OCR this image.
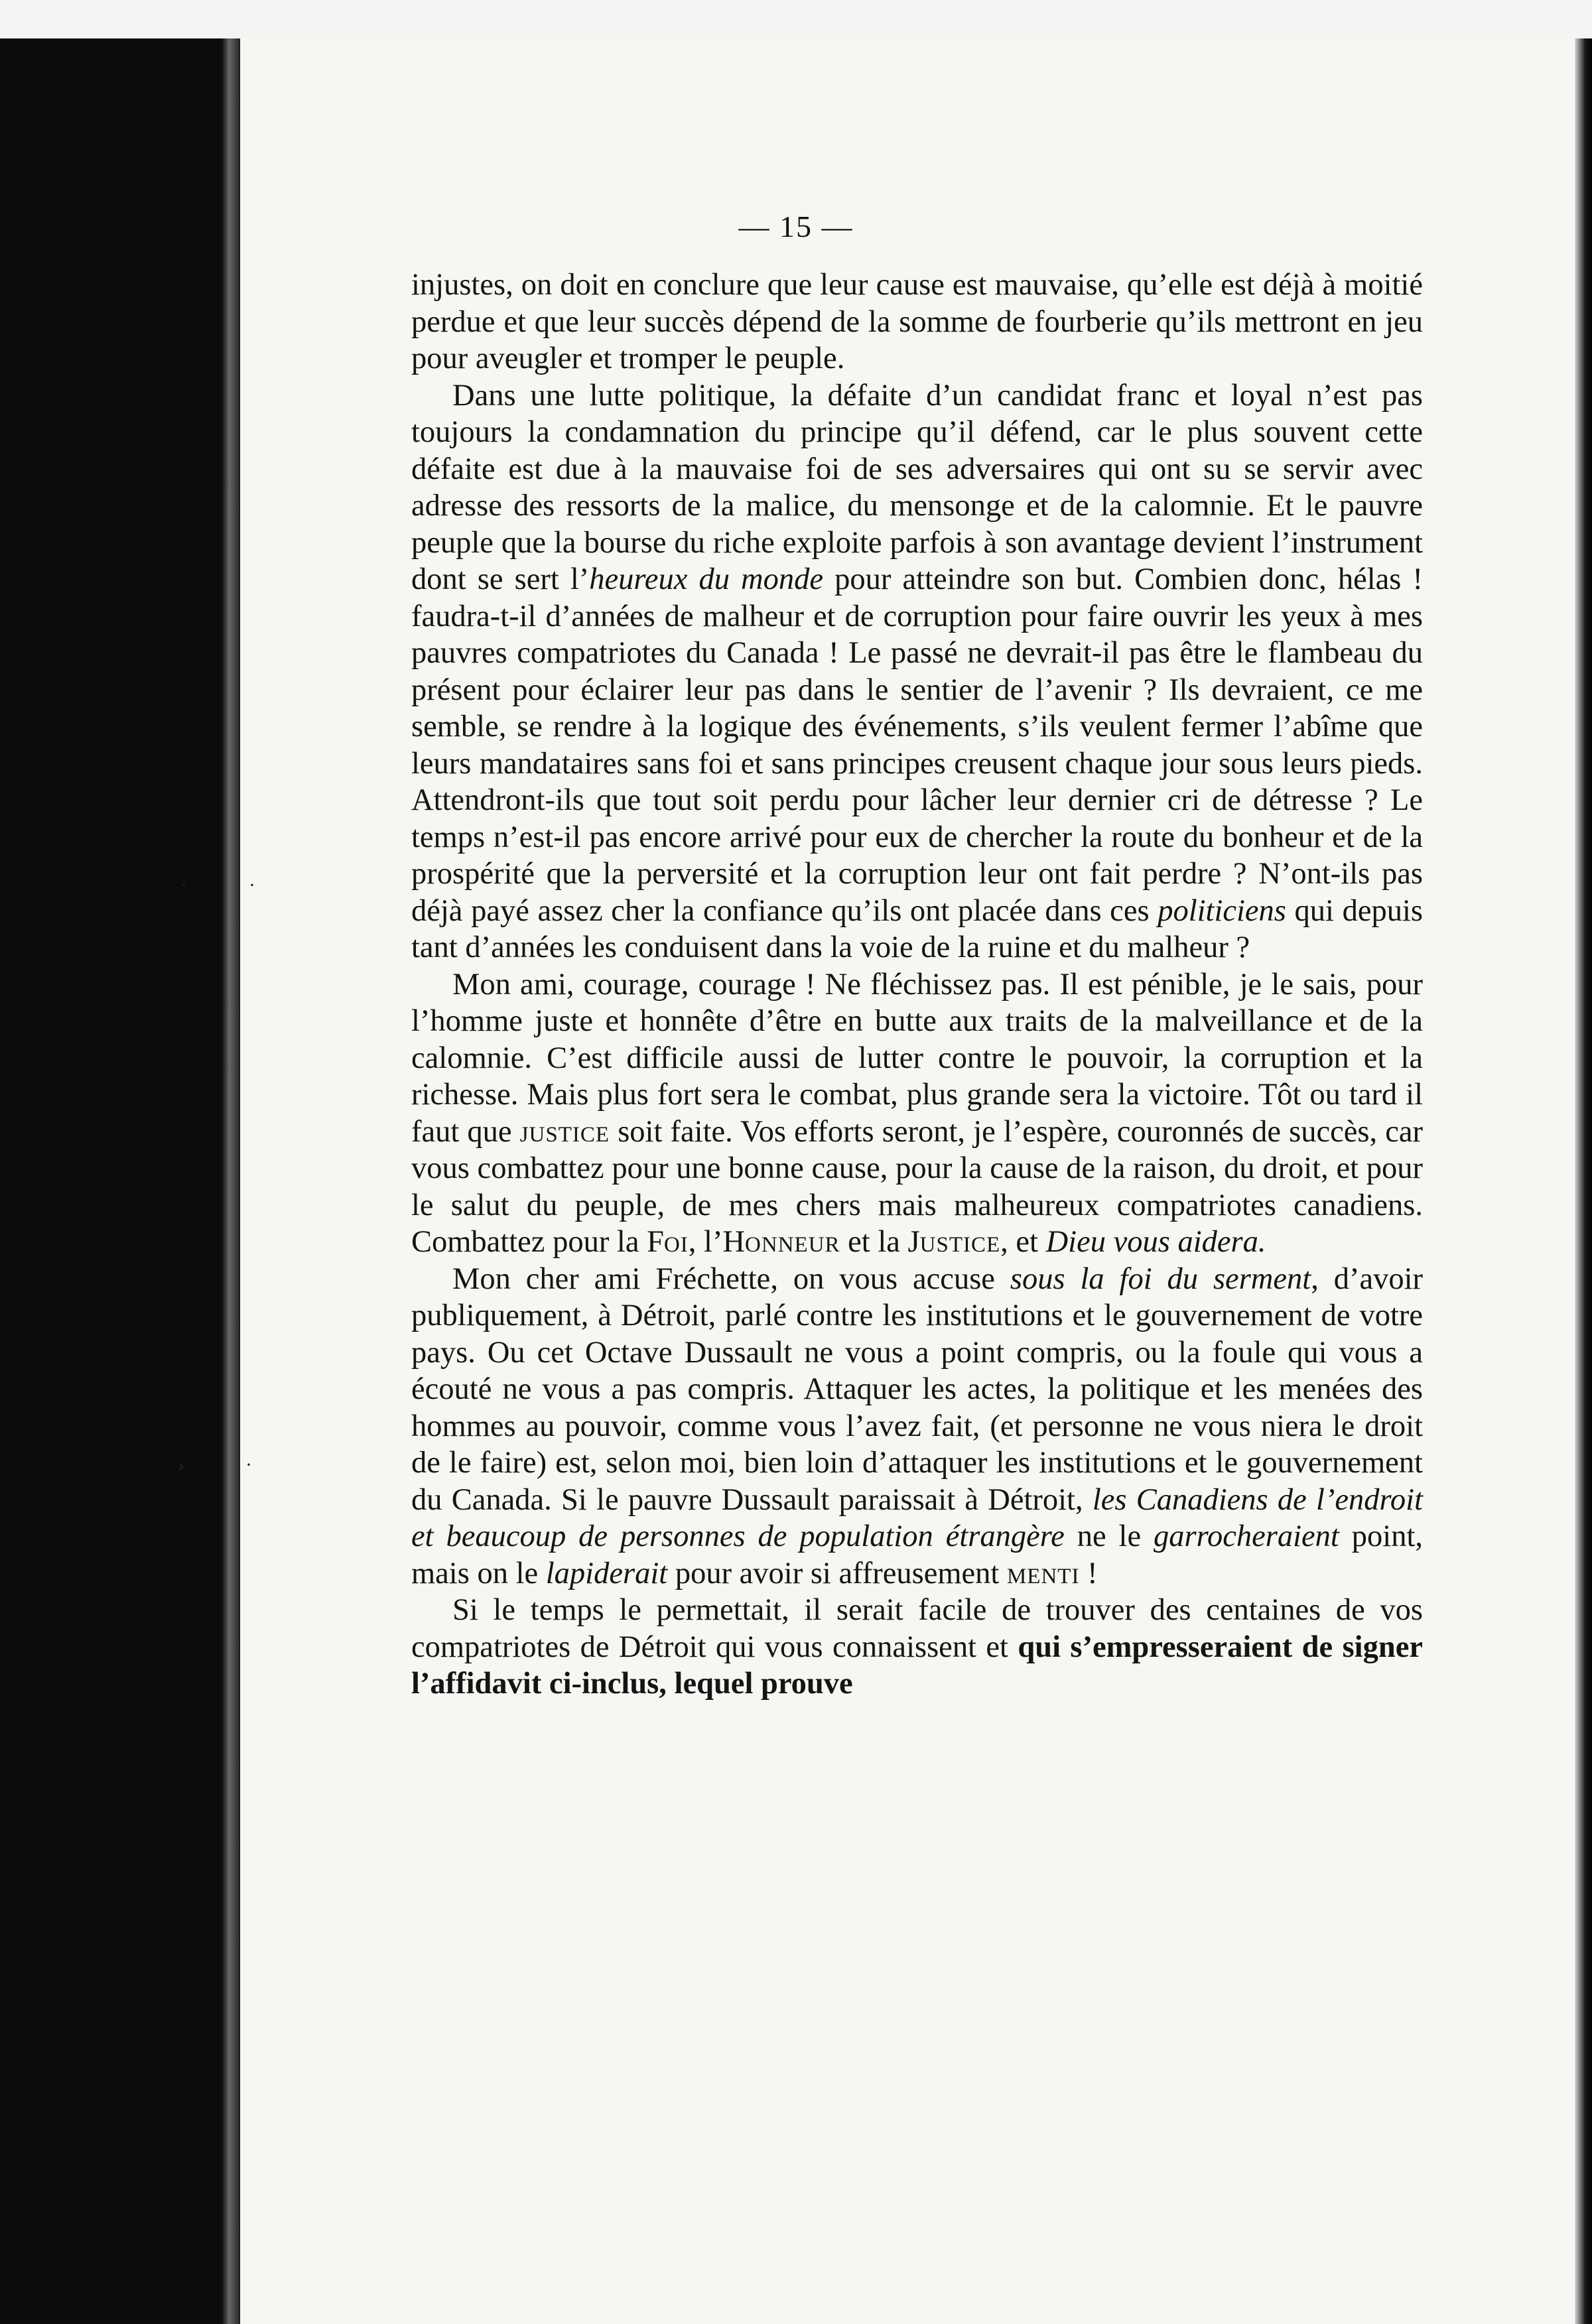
— 15 —

injustes, on doit en conclure que leur cause est mauvaise, qu’elle est déjà à moitié perdue et que leur succès dépend de la somme de fourberie qu’ils mettront en jeu pour aveugler et tromper le peuple.

Dans une lutte politique, la défaite d’un candidat franc et loyal n’est pas toujours la condamnation du principe qu’il défend, car le plus souvent cette défaite est due à la mauvaise foi de ses adversaires qui ont su se servir avec adresse des ressorts de la malice, du mensonge et de la calomnie. Et le pauvre peuple que la bourse du riche exploite parfois à son avantage devient l’instrument dont se sert l’heureux du monde pour atteindre son but. Combien donc, hélas ! faudra-t-il d’années de malheur et de corruption pour faire ouvrir les yeux à mes pauvres compatriotes du Canada ! Le passé ne devrait-il pas être le flambeau du présent pour éclairer leur pas dans le sentier de l’avenir ? Ils devraient, ce me semble, se rendre à la logique des événements, s’ils veulent fermer l’abîme que leurs mandataires sans foi et sans principes creusent chaque jour sous leurs pieds. Attendront-ils que tout soit perdu pour lâcher leur dernier cri de détresse ? Le temps n’est-il pas encore arrivé pour eux de chercher la route du bonheur et de la prospérité que la perversité et la corruption leur ont fait perdre ? N’ont-ils pas déjà payé assez cher la confiance qu’ils ont placée dans ces politiciens qui depuis tant d’années les conduisent dans la voie de la ruine et du malheur ?

Mon ami, courage, courage ! Ne fléchissez pas. Il est pénible, je le sais, pour l’homme juste et honnête d’être en butte aux traits de la malveillance et de la calomnie. C’est difficile aussi de lutter contre le pouvoir, la corruption et la richesse. Mais plus fort sera le combat, plus grande sera la victoire. Tôt ou tard il faut que justice soit faite. Vos efforts seront, je l’espère, couronnés de succès, car vous combattez pour une bonne cause, pour la cause de la raison, du droit, et pour le salut du peuple, de mes chers mais malheureux compatriotes canadiens. Combattez pour la Foi, l’Honneur et la Justice, et Dieu vous aidera.

Mon cher ami Fréchette, on vous accuse sous la foi du serment, d’avoir publiquement, à Détroit, parlé contre les institutions et le gouvernement de votre pays. Ou cet Octave Dussault ne vous a point compris, ou la foule qui vous a écouté ne vous a pas compris. Attaquer les actes, la politique et les menées des hommes au pouvoir, comme vous l’avez fait, (et personne ne vous niera le droit de le faire) est, selon moi, bien loin d’attaquer les institutions et le gouvernement du Canada. Si le pauvre Dussault paraissait à Détroit, les Canadiens de l’endroit et beaucoup de personnes de population étrangère ne le garrocheraient point, mais on le lapiderait pour avoir si affreusement menti !

Si le temps le permettait, il serait facile de trouver des centaines de vos compatriotes de Détroit qui vous connaissent et qui s’empresseraient de signer l’affidavit ci-inclus, lequel prouve

·	·
›	·
